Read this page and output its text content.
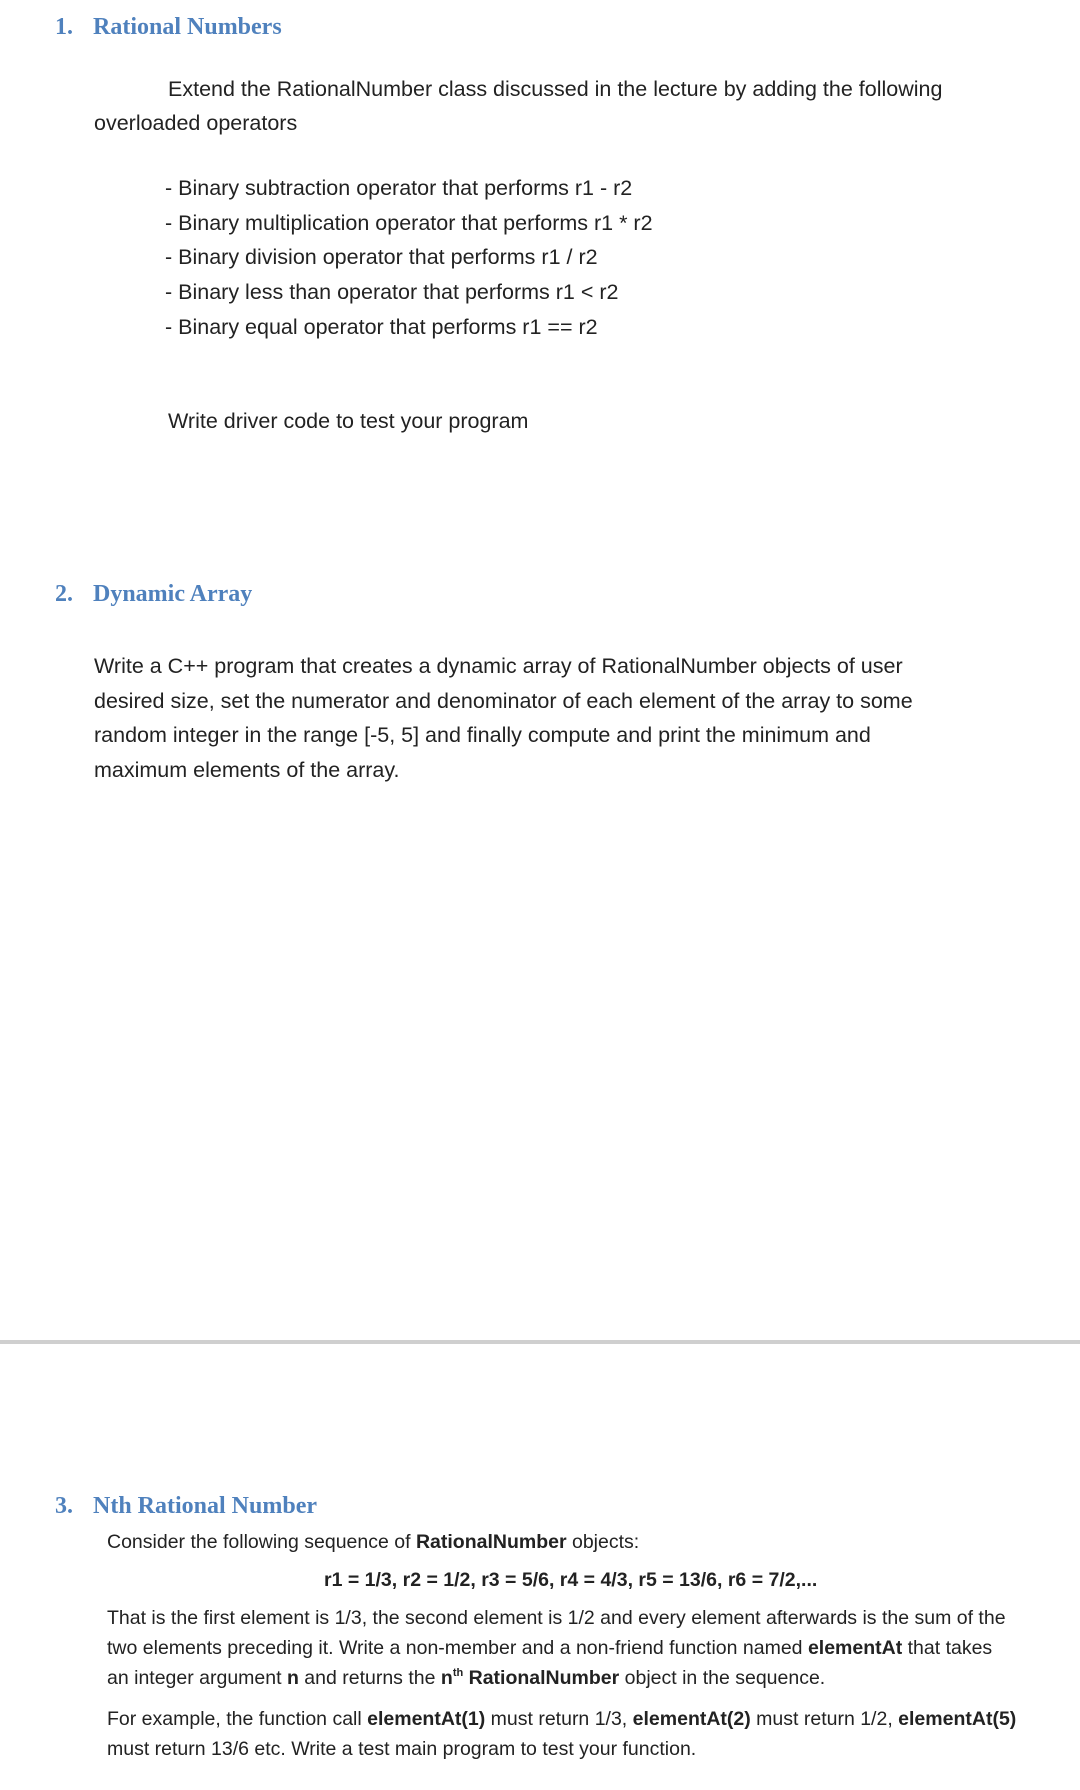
1. Rational Numbers
Extend the RationalNumber class discussed in the lecture by adding the following
overloaded operators
- Binary subtraction operator that performs r1 - r2
- Binary multiplication operator that performs r1 * r2
- Binary division operator that performs r1 / r2
- Binary less than operator that performs r1 < r2
- Binary equal operator that performs r1 == r2
Write driver code to test your program
2. Dynamic Array
Write a C++ program that creates a dynamic array of RationalNumber objects of user
desired size, set the numerator and denominator of each element of the array to some
random integer in the range [-5, 5] and finally compute and print the minimum and
maximum elements of the array.
3. Nth Rational Number
Consider the following sequence of RationalNumber objects:
r1 = 1/3, r2 = 1/2, r3 = 5/6, r4 = 4/3, r5 = 13/6, r6 = 7/2,...
That is the first element is 1/3, the second element is 1/2 and every element afterwards is the sum of the
two elements preceding it. Write a non-member and a non-friend function named elementAt that takes
an integer argument n and returns the $n^{th}$ RationalNumber object in the sequence.
For example, the function call elementAt(1) must return 1/3, elementAt(2) must return 1/2, elementAt(5)
must return 13/6 etc. Write a test main program to test your function.
